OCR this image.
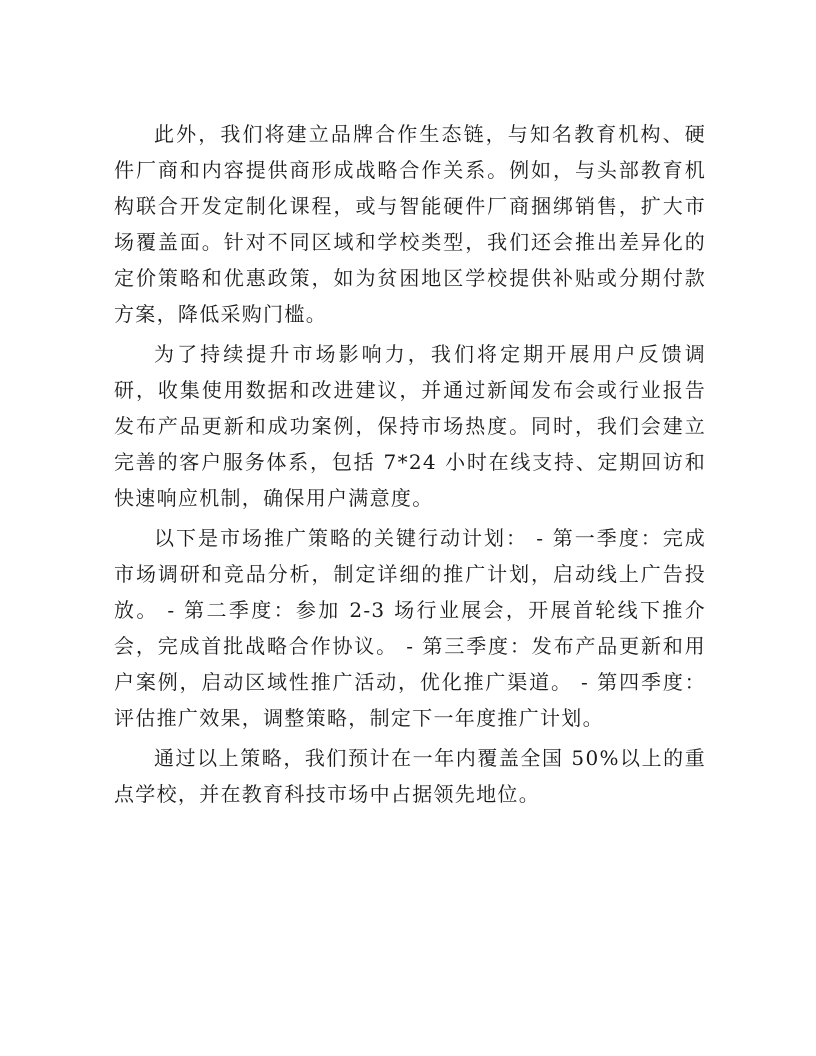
此外，我们将建立品牌合作生态链，与知名教育机构、硬件厂商和内容提供商形成战略合作关系。例如，与头部教育机构联合开发定制化课程，或与智能硬件厂商捆绑销售，扩大市场覆盖面。针对不同区域和学校类型，我们还会推出差异化的定价策略和优惠政策，如为贫困地区学校提供补贴或分期付款方案，降低采购门槛。

为了持续提升市场影响力，我们将定期开展用户反馈调研，收集使用数据和改进建议，并通过新闻发布会或行业报告发布产品更新和成功案例，保持市场热度。同时，我们会建立完善的客户服务体系，包括 7*24 小时在线支持、定期回访和快速响应机制，确保用户满意度。

以下是市场推广策略的关键行动计划： - 第一季度：完成市场调研和竞品分析，制定详细的推广计划，启动线上广告投放。 - 第二季度：参加 2-3 场行业展会，开展首轮线下推介会，完成首批战略合作协议。 - 第三季度：发布产品更新和用户案例，启动区域性推广活动，优化推广渠道。 - 第四季度：评估推广效果，调整策略，制定下一年度推广计划。

通过以上策略，我们预计在一年内覆盖全国 50%以上的重点学校，并在教育科技市场中占据领先地位。
